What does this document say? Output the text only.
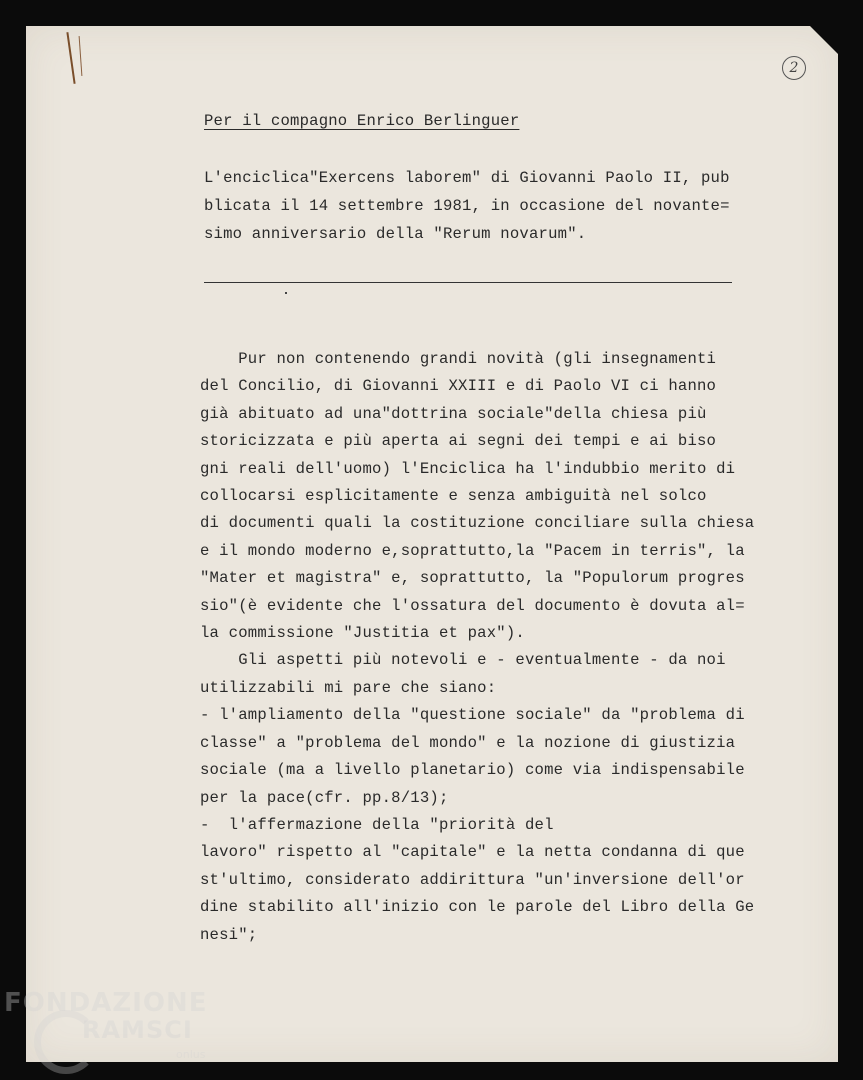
2
Per il compagno Enrico Berlinguer
L'enciclica"Exercens laborem" di Giovanni Paolo II, pub
blicata il 14 settembre 1981, in occasione del novante=
simo anniversario della "Rerum novarum".
Pur non contenendo grandi novità (gli insegnamenti
del Concilio, di Giovanni XXIII e di Paolo VI ci hanno
già abituato ad una"dottrina sociale"della chiesa più
storicizzata e più aperta ai segni dei tempi e ai biso
gni reali dell'uomo) l'Enciclica ha l'indubbio merito di
collocarsi esplicitamente e senza ambiguità nel solco
di documenti quali la costituzione conciliare sulla chiesa
e il mondo moderno e,soprattutto,la "Pacem in terris", la
"Mater et magistra" e, soprattutto, la "Populorum progres
sio"(è evidente che l'ossatura del documento è dovuta al=
la commissione "Justitia et pax").
Gli aspetti più notevoli e - eventualmente - da noi
utilizzabili mi pare che siano:
- l'ampliamento della "questione sociale" da "problema di
classe" a "problema del mondo" e la nozione di giustizia
sociale (ma a livello planetario) come via indispensabile
per la pace(cfr. pp.8/13);
-  l'affermazione della "priorità del
lavoro" rispetto al "capitale" e la netta condanna di que
st'ultimo, considerato addirittura "un'inversione dell'or
dine stabilito all'inizio con le parole del Libro della Ge
nesi";
FONDAZIONE
RAMSCI
onlus
